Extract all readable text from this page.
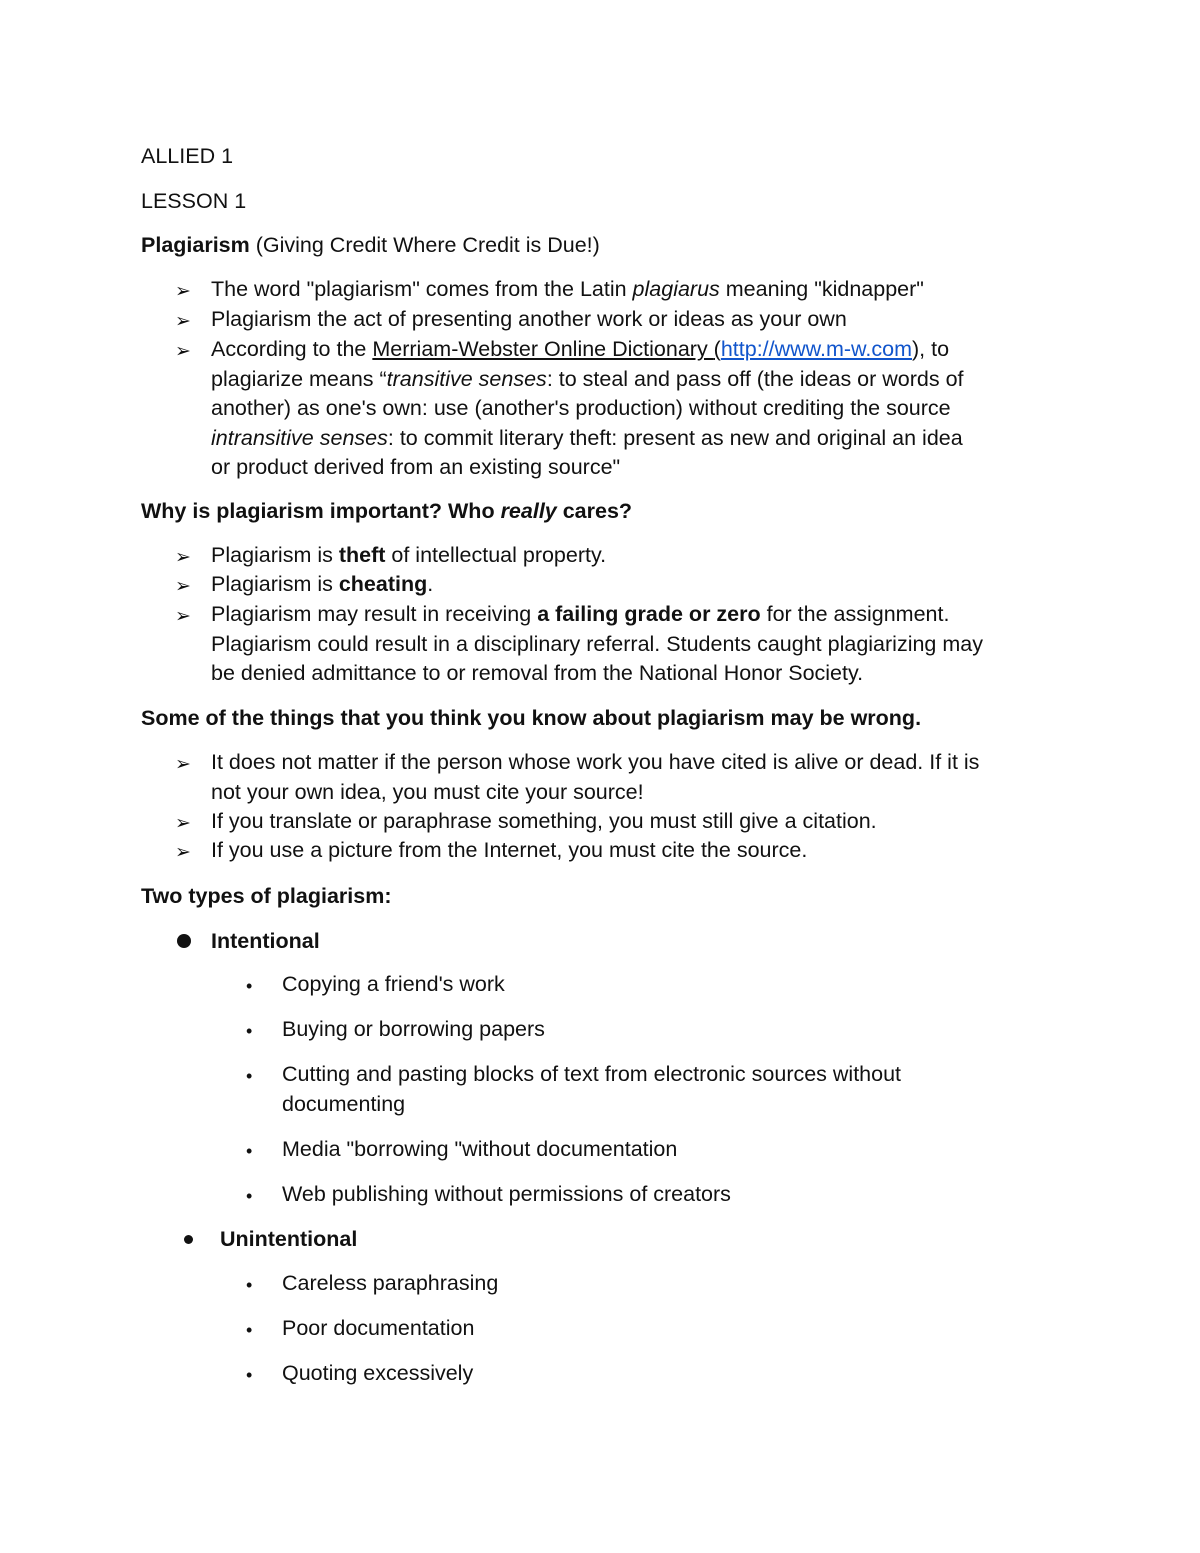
ALLIED 1
LESSON 1
Plagiarism (Giving Credit Where Credit is Due!)
➢ The word "plagiarism" comes from the Latin plagiarus meaning "kidnapper"
➢ Plagiarism the act of presenting another work or ideas as your own
➢ According to the Merriam-Webster Online Dictionary (http://www.m-w.com), to
plagiarize means “transitive senses: to steal and pass off (the ideas or words of
another) as one's own: use (another's production) without crediting the source
intransitive senses: to commit literary theft: present as new and original an idea
or product derived from an existing source"
Why is plagiarism important? Who really cares?
➢ Plagiarism is theft of intellectual property.
➢ Plagiarism is cheating.
➢ Plagiarism may result in receiving a failing grade or zero for the assignment.
Plagiarism could result in a disciplinary referral. Students caught plagiarizing may
be denied admittance to or removal from the National Honor Society.
Some of the things that you think you know about plagiarism may be wrong.
➢ It does not matter if the person whose work you have cited is alive or dead. If it is
not your own idea, you must cite your source!
➢ If you translate or paraphrase something, you must still give a citation.
➢ If you use a picture from the Internet, you must cite the source.
Two types of plagiarism:
Intentional
• Copying a friend's work
• Buying or borrowing papers
• Cutting and pasting blocks of text from electronic sources without
documenting
• Media "borrowing "without documentation
• Web publishing without permissions of creators
Unintentional
• Careless paraphrasing
• Poor documentation
• Quoting excessively
